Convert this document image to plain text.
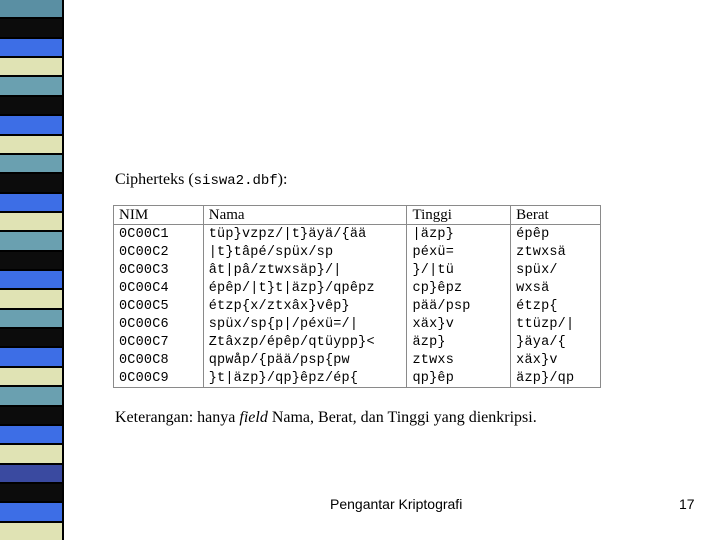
Cipherteks (siswa2.dbf):
NIM	Nama	Tinggi	Berat
0C00C1	tüp}vzpz/|t}äyä/{ää	|äzp}	épêp
0C00C2	|t}tâpé/spüx/sp	péxü=	ztwxsä
0C00C3	ât|pâ/ztwxsäp}/|	}/|tü	spüx/
0C00C4	épêp/|t}t|äzp}/qpêpz	cp}êpz	wxsä
0C00C5	étzp{x/ztxâx}vêp}	pää/psp	étzp{
0C00C6	spüx/sp{p|/péxü=/|	xäx}v	ttüzp/|
0C00C7	Ztâxzp/épêp/qtüypp}<	äzp}	}äya/{
0C00C8	qpwåp/{pää/psp{pw	ztwxs	xäx}v
0C00C9	}t|äzp}/qp}êpz/ép{	qp}êp	äzp}/qp
Keterangan: hanya field Nama, Berat, dan Tinggi yang dienkripsi.
Pengantar Kriptografi	17
